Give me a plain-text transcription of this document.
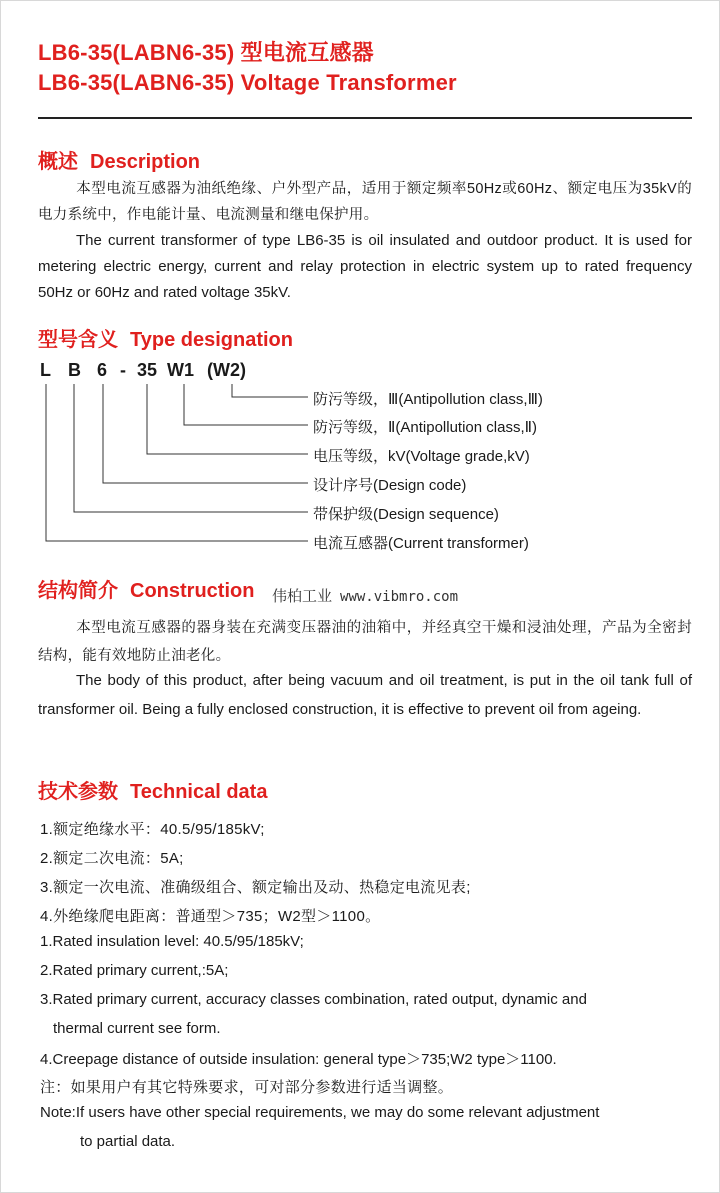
LB6-35(LABN6-35) 型电流互感器
LB6-35(LABN6-35) Voltage Transformer
概述 Description
本型电流互感器为油纸绝缘、户外型产品，适用于额定频率50Hz或60Hz、额定电压为35kV的电力系统中，作电能计量、电流测量和继电保护用。
The current transformer of type LB6-35 is oil insulated and outdoor product. It is used for metering electric energy, current and relay protection in electric system up to rated frequency 50Hz or 60Hz and rated voltage 35kV.
型号含义 Type designation
L B 6 - 35 W1 (W2)
防污等级，Ⅲ(Antipollution class,Ⅲ)
防污等级，Ⅱ(Antipollution class,Ⅱ)
电压等级，kV(Voltage grade,kV)
设计序号(Design code)
带保护级(Design sequence)
电流互感器(Current transformer)
结构简介 Construction 伟柏工业 www.vibmro.com
本型电流互感器的器身装在充满变压器油的油箱中，并经真空干燥和浸油处理，产品为全密封结构，能有效地防止油老化。
The body of this product, after being vacuum and oil treatment, is put in the oil tank full of transformer oil. Being a fully enclosed construction, it is effective to prevent oil from ageing.
技术参数 Technical data
1.额定绝缘水平：40.5/95/185kV;
2.额定二次电流：5A;
3.额定一次电流、准确级组合、额定输出及动、热稳定电流见表;
4.外绝缘爬电距离：普通型＞735；W2型＞1100。
1.Rated insulation level: 40.5/95/185kV;
2.Rated primary current,:5A;
3.Rated primary current, accuracy classes combination, rated output, dynamic and
thermal current see form.
4.Creepage distance of outside insulation: general type＞735;W2 type＞1100.
注：如果用户有其它特殊要求，可对部分参数进行适当调整。
Note:If users have other special requirements, we may do some relevant adjustment
to partial data.
